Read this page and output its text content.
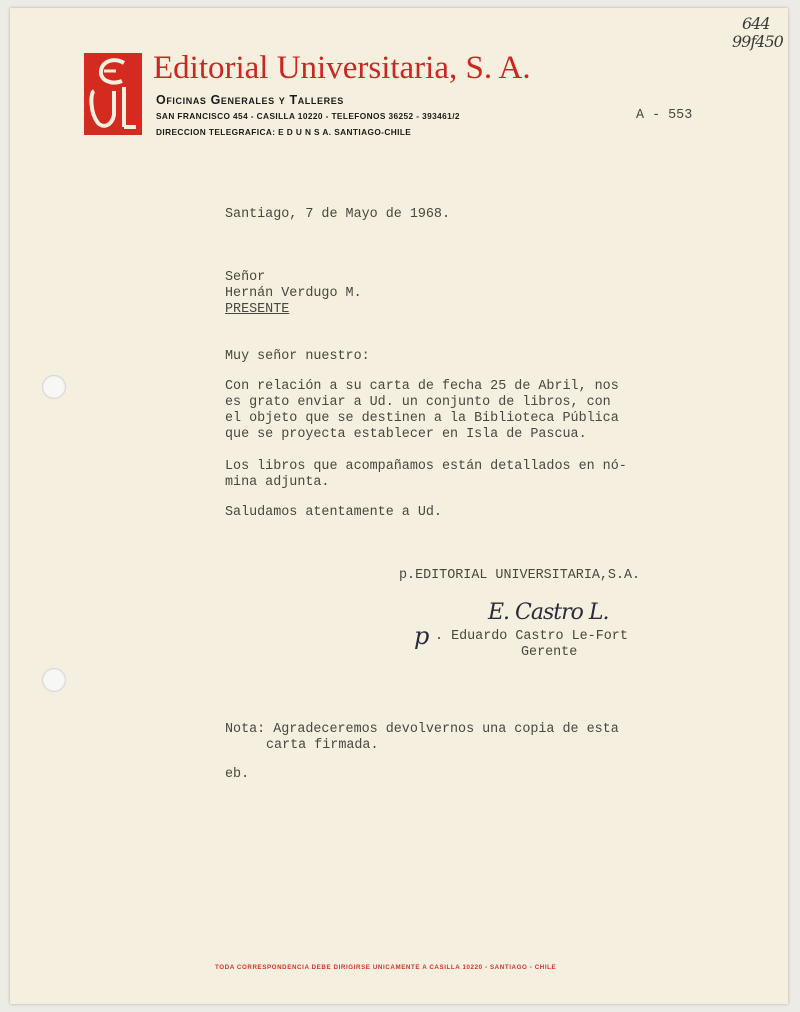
644
99f450
Editorial Universitaria, S. A.
Oficinas Generales y Talleres
SAN FRANCISCO 454 - CASILLA 10220 - TELEFONOS 36252 - 393461/2
DIRECCION TELEGRAFICA: E D U N S A. SANTIAGO-CHILE
A - 553
Santiago, 7 de Mayo de 1968.
Señor
Hernán Verdugo M.
PRESENTE
Muy señor nuestro:
Con relación a su carta de fecha 25 de Abril, nos
es grato enviar a Ud. un conjunto de libros, con
el objeto que se destinen a la Biblioteca Pública
que se proyecta establecer en Isla de Pascua.
Los libros que acompañamos están detallados en nó-
mina adjunta.
Saludamos atentamente a Ud.
p.EDITORIAL UNIVERSITARIA,S.A.
E. Castro L.
p . Eduardo Castro Le-Fort
Gerente
Nota: Agradeceremos devolvernos una copia de esta
carta firmada.
eb.
TODA CORRESPONDENCIA DEBE DIRIGIRSE UNICAMENTE A CASILLA 10220 - SANTIAGO - CHILE
